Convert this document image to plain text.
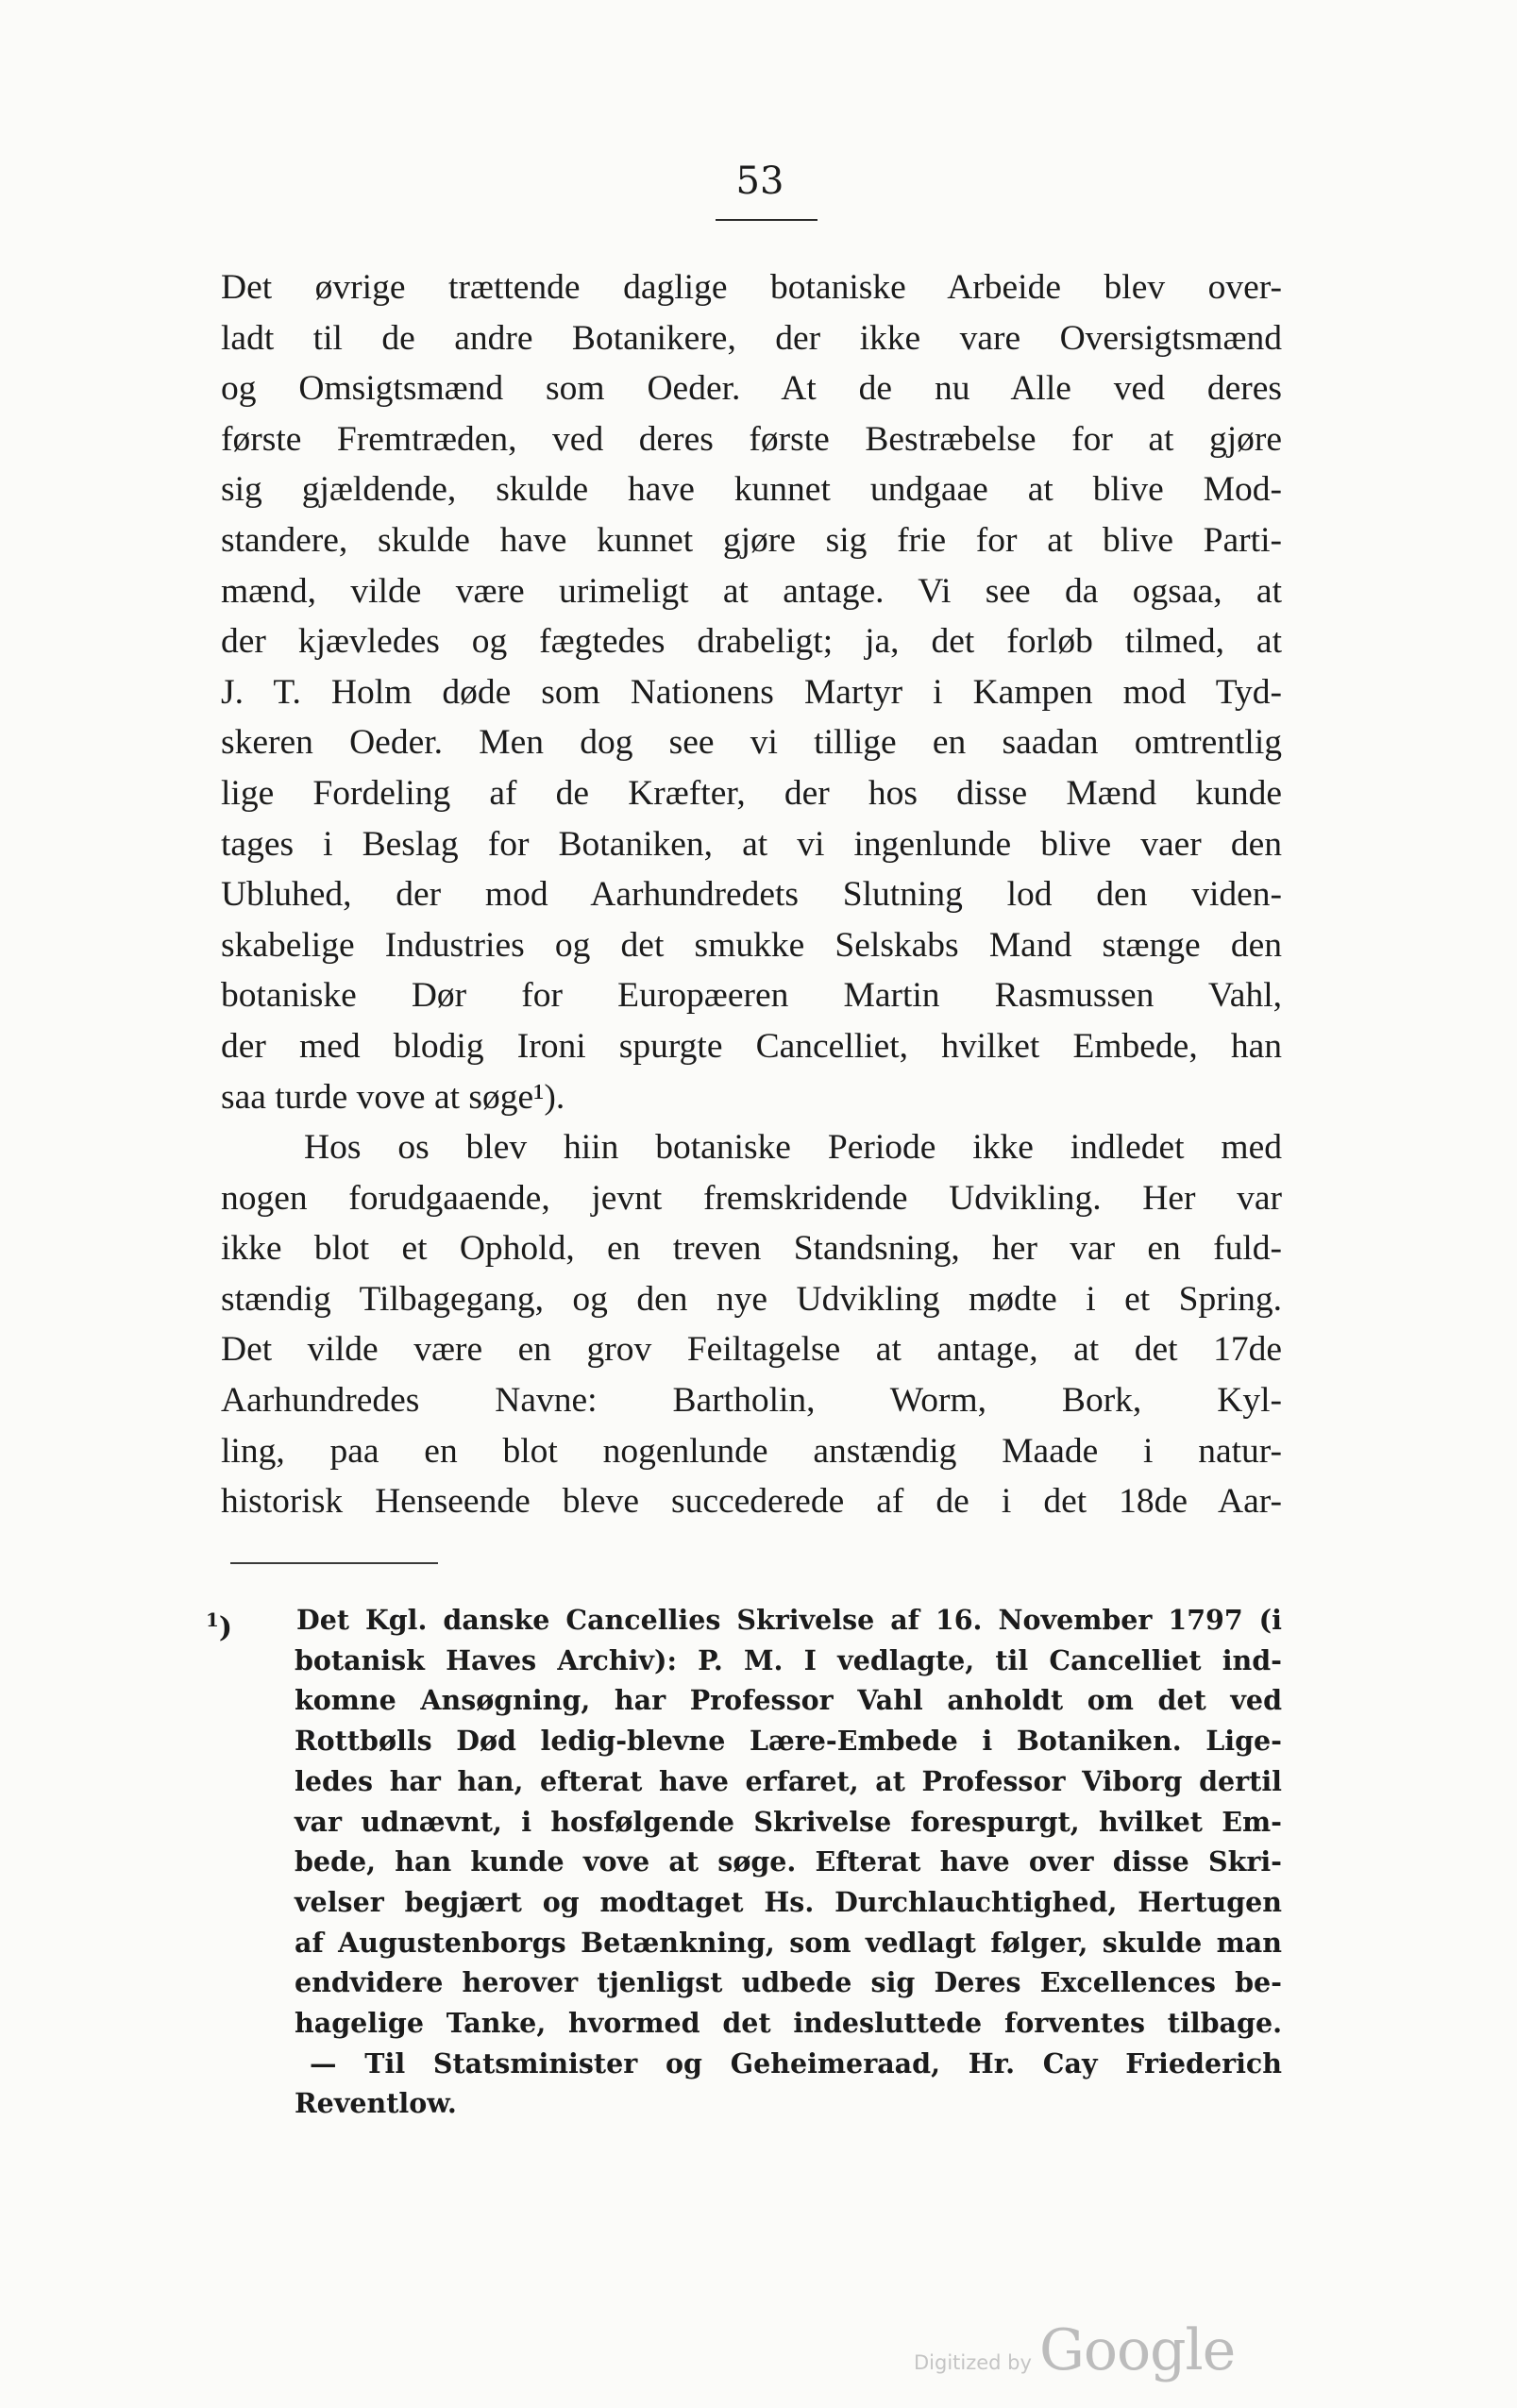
53
Det øvrige trættende daglige botaniske Arbeide blev over-
ladt til de andre Botanikere, der ikke vare Oversigtsmænd
og Omsigtsmænd som Oeder. At de nu Alle ved deres
første Fremtræden, ved deres første Bestræbelse for at gjøre
sig gjældende, skulde have kunnet undgaae at blive Mod-
standere, skulde have kunnet gjøre sig frie for at blive Parti-
mænd, vilde være urimeligt at antage. Vi see da ogsaa, at
der kjævledes og fægtedes drabeligt; ja, det forløb tilmed, at
J. T. Holm døde som Nationens Martyr i Kampen mod Tyd-
skeren Oeder. Men dog see vi tillige en saadan omtrentlig
lige Fordeling af de Kræfter, der hos disse Mænd kunde
tages i Beslag for Botaniken, at vi ingenlunde blive vaer den
Ubluhed, der mod Aarhundredets Slutning lod den viden-
skabelige Industries og det smukke Selskabs Mand stænge den
botaniske Dør for Europæeren Martin Rasmussen Vahl,
der med blodig Ironi spurgte Cancelliet, hvilket Embede, han
saa turde vove at søge¹).
Hos os blev hiin botaniske Periode ikke indledet med
nogen forudgaaende, jevnt fremskridende Udvikling. Her var
ikke blot et Ophold, en treven Standsning, her var en fuld-
stændig Tilbagegang, og den nye Udvikling mødte i et Spring.
Det vilde være en grov Feiltagelse at antage, at det 17de
Aarhundredes Navne: Bartholin, Worm, Bork, Kyl-
ling, paa en blot nogenlunde anstændig Maade i natur-
historisk Henseende bleve succederede af de i det 18de Aar-
$^1$)	Det Kgl. danske Cancellies Skrivelse af 16. November 1797 (i
botanisk Haves Archiv): P. M. I vedlagte, til Cancelliet ind-
komne Ansøgning, har Professor Vahl anholdt om det ved
Rottbølls Død ledig-blevne Lære-Embede i Botaniken. Lige-
ledes har han, efterat have erfaret, at Professor Viborg dertil
var udnævnt, i hosfølgende Skrivelse forespurgt, hvilket Em-
bede, han kunde vove at søge. Efterat have over disse Skri-
velser begjært og modtaget Hs. Durchlauchtighed, Hertugen
af Augustenborgs Betænkning, som vedlagt følger, skulde man
endvidere herover tjenligst udbede sig Deres Excellences be-
hagelige Tanke, hvormed det indesluttede forventes tilbage.
— Til Statsminister og Geheimeraad, Hr. Cay Friederich
Reventlow.
Digitized by Google
